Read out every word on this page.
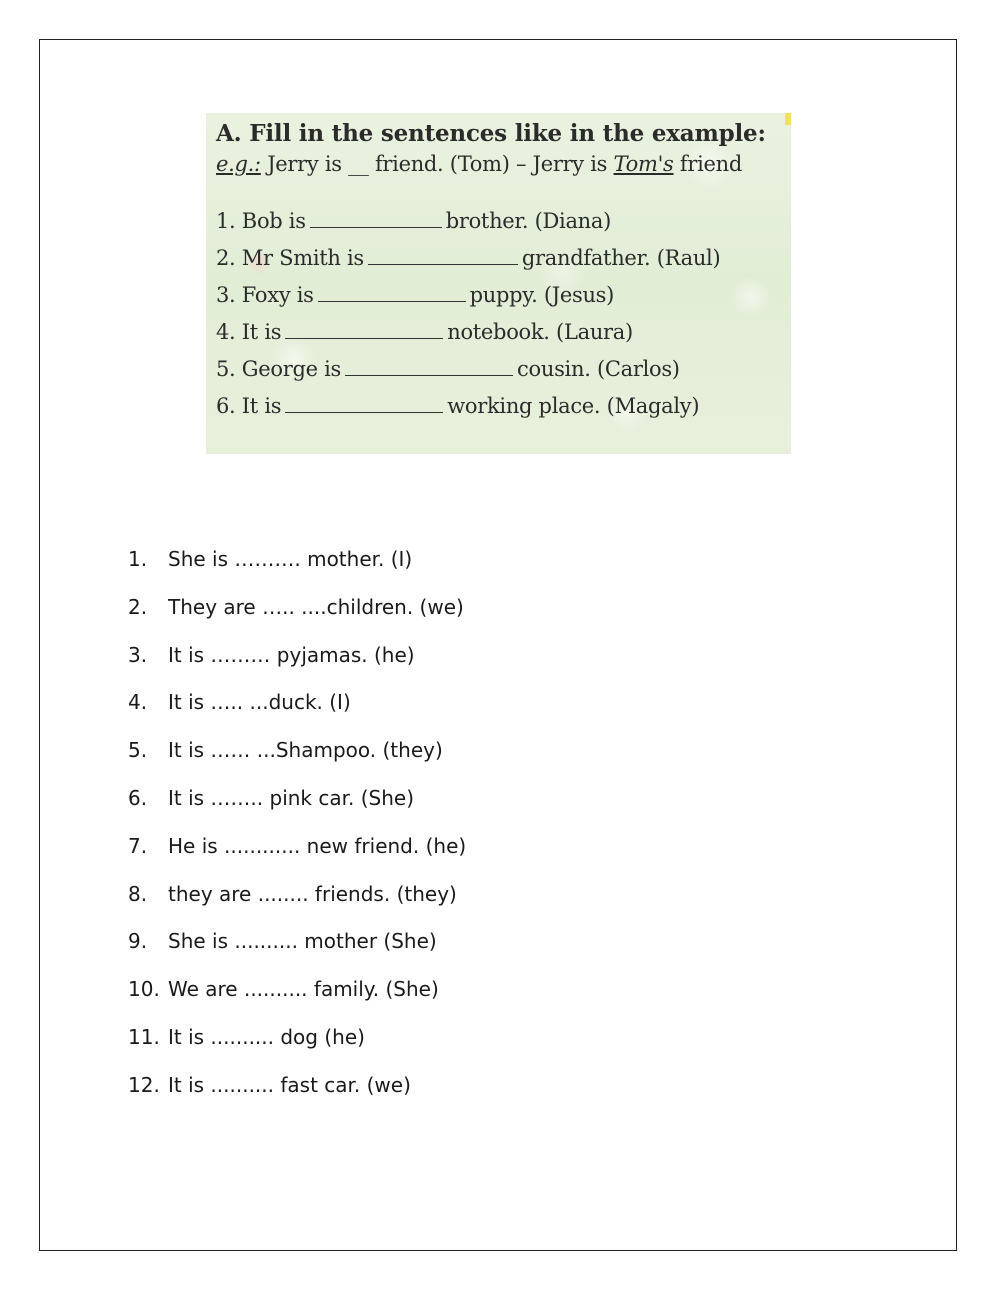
A. Fill in the sentences like in the example:
e.g.: Jerry is __ friend. (Tom) – Jerry is Tom's friend
1. Bob is	brother. (Diana)
2. Mr Smith is	grandfather. (Raul)
3. Foxy is	puppy. (Jesus)
4. It is	notebook. (Laura)
5. George is	cousin. (Carlos)
6. It is	working place. (Magaly)
1. She is ………. mother. (I)
2. They are ….. ....children. (we)
3. It is ……… pyjamas. (he)
4. It is ….. ...duck. (I)
5. It is …… ...Shampoo. (they)
6. It is …….. pink car. (She)
7. He is ............ new friend. (he)
8. they are ........ friends. (they)
9. She is .......... mother (She)
10. We are .......... family. (She)
11. It is .......... dog (he)
12. It is .......... fast car. (we)
